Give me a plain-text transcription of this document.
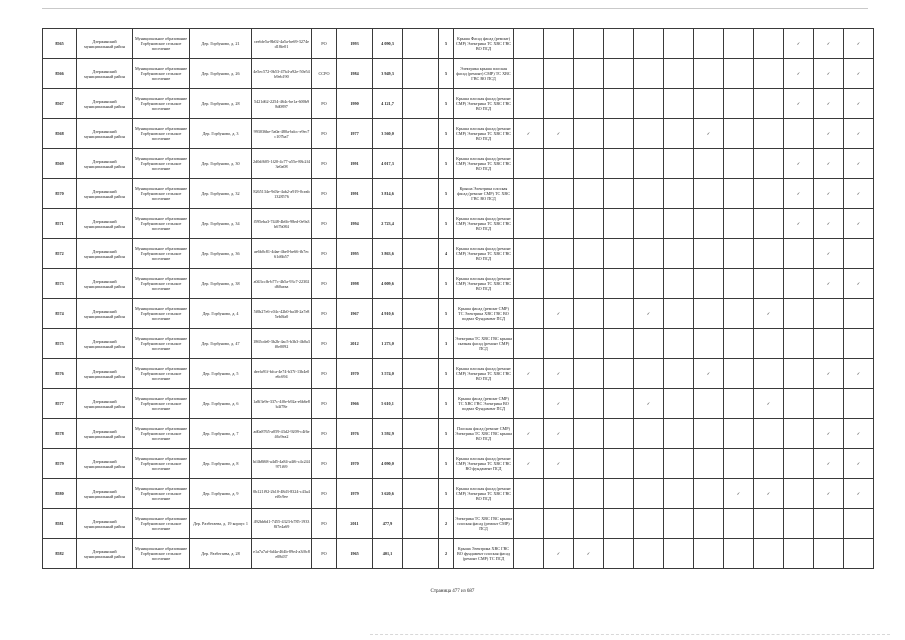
8565	Дзержинский муниципальный район	Муниципальное образование Горбуновское сельское поселение	Дер. Горбуново, д. 21	ceebfe5a-8b02-4a5a-be69-3274ed18fe01	РО	1993	4 090,3		5	Крыша Фасад фасад (ремонт) СМР) Электрика ТС ХВС ГВС ВО ПСД										✓	✓	✓
8566	Дзержинский муниципальный район	Муниципальное образование Горбуновское сельское поселение	Дер. Горбуново, д. 26	4e5ec572-0b53-47b4-a92e-50e54b9eb190	ССРО	1984	3 949,3		5	Электрика крыша плоская фасад (ремонт) СМР) ТС ХВС ГВС ВО ПСД										✓	✓	✓
8567	Дзержинский муниципальный район	Муниципальное образование Горбуновское сельское поселение	Дер. Горбуново, д. 28	5421d62-2254-464c-be1a-600b98d0897	РО	1990	4 121,7		5	Крыша плоская фасад (ремонт СМР) Электрика ТС ХВС ГВС ВО ПСД										✓	✓	✓
8568	Дзержинский муниципальный район	Муниципальное образование Горбуновское сельское поселение	Дер. Горбуново, д. 3	993036be-5a0a-480a-bdcc-e9ec7c107ba7	РО	1977	3 560,0		5	Крыша плоская фасад (ремонт СМР) Электрика ТС ХВС ГВС ВО ПСД	✓	✓					✓				✓	✓
8569	Дзержинский муниципальный район	Муниципальное образование Горбуновское сельское поселение	Дер. Горбуново, д. 30	2d0df605-1f20-4c77-a55e-88c2f43e0a08	РО	1991	4 017,3		5	Крыша плоская фасад (ремонт СМР) Электрика ТС ХВС ГВС ВО ПСД										✓	✓	✓
8570	Дзержинский муниципальный район	Муниципальное образование Горбуновское сельское поселение	Дер. Горбуново, д. 32	8265134e-9d3e-4ab2-a919-0ceab1328576	РО	1991	3 814,6		5	Крыша Электрика плоская фасад (ремонт СМР) ТС ХВС ГВС ВО ПСД										✓	✓	✓
8571	Дзержинский муниципальный район	Муниципальное образование Горбуновское сельское поселение	Дер. Горбуново, д. 34	f595eba3-7448-4b6b-98ed-0e9a3b67b084	РО	1994	2 723,4		5	Крыша плоская фасад (ремонт СМР) Электрика ТС ХВС ГВС ВО ПСД										✓	✓	✓
8572	Дзержинский муниципальный район	Муниципальное образование Горбуновское сельское поселение	Дер. Горбуново, д. 36	ae6b0c81-4dae-4be0-be66-fb7ec61d6b57	РО	1995	3 863,6		4	Крыша плоская фасад (ремонт СМР) Электрика ТС ХВС ГВС ВО ПСД											✓	
8573	Дзержинский муниципальный район	Муниципальное образование Горбуновское сельское поселение	Дер. Горбуново, д. 38	a043ccfb-b77c-4b5a-93c7-22302d60aeaa	РО	1998	4 009,6		5	Крыша плоская фасад (ремонт СМР) Электрика ТС ХВС ГВС ВО ПСД											✓	✓
8574	Дзержинский муниципальный район	Муниципальное образование Горбуновское сельское поселение	Дер. Горбуново, д. 4	5f0b27e6-c04c-42b0-ba38-2a7e85eb0fa0	РО	1967	4 910,6		5	Крыша фасад (ремонт СМР) ТС Электрика ХВС ГВС ВО подвал Фундамент ПСД		✓			✓				✓			
8575	Дзержинский муниципальный район	Муниципальное образование Горбуновское сельское поселение	Дер. Горбуново, д. 47	1865cde0-3b2b-4ac5-b3b3-4b0a3f0e0092	РО	2012	1 273,0		3	Электрика ТС ХВС ГВС крыша скатная фасад (ремонт СМР) ПСД												
8576	Дзержинский муниципальный район	Муниципальное образование Горбуновское сельское поселение	Дер. Горбуново, д. 5	deefa91f-bfca-4e74-b37f-13b4e0e6c694	РО	1970	3 574,0		5	Крыша плоская фасад (ремонт СМР) Электрика ТС ХВС ГВС ВО ПСД	✓	✓					✓				✓	✓
8577	Дзержинский муниципальный район	Муниципальное образование Горбуновское сельское поселение	Дер. Горбуново, д. 6	1a8f3e9e-337c-4f0e-b92a-e6b6e8b4f78e	РО	1966	5 610,1		5	Крыша фасад (ремонт СМР) ТС ХВС ГВС Электрика ВО подвал Фундамент ПСД		✓			✓				✓			
8578	Дзержинский муниципальный район	Муниципальное образование Горбуновское сельское поселение	Дер. Горбуново, д. 7	ad0a8765-a059-43d2-9209-c4f6e46c9ea2	РО	1976	3 592,9		5	Плоская фасад (ремонт СМР) Электрика ТС ХВС ГВС крыша ВО ПСД	✓	✓									✓	✓
8579	Дзержинский муниципальный район	Муниципальное образование Горбуновское сельское поселение	Дер. Горбуново, д. 8	bf4b8f68-a4d5-4a84-a4f6-c4c244971f69	РО	1970	4 090,0		5	Крыша плоская фасад (ремонт СМР) Электрика ТС ХВС ГВС ВО фундамент ПСД	✓	✓									✓	✓
8580	Дзержинский муниципальный район	Муниципальное образование Горбуновское сельское поселение	Дер. Горбуново, д. 9	0b121f92-2b10-48d3-8324-c43a4ef0c9ee	РО	1979	3 620,6		5	Крыша плоская фасад (ремонт СМР) Электрика ТС ХВС ГВС ВО ПСД								✓	✓		✓	✓
8581	Дзержинский муниципальный район	Муниципальное образование Горбуновское сельское поселение	Дер. Разбегаева, д. 19 корпус 1	492bb6d1-7455-4323-b785-19338f7e4a69	РО	2011	477,9		2	Электрика ТС ХВС ГВС крыша плоская фасад (ремонт СМР) ПСД												
8582	Дзержинский муниципальный район	Муниципальное образование Горбуновское сельское поселение	Дер. Разбегаева, д. 28	e1a7a7af-6d4a-464b-89e4-a3f0c8e08d37	РО	1965	401,1		2	Крыша Электрика ХВС ГВС ВО фундамент плоская фасад (ремонт СМР) ТС ПСД		✓	✓									
Страница 477 из 687
